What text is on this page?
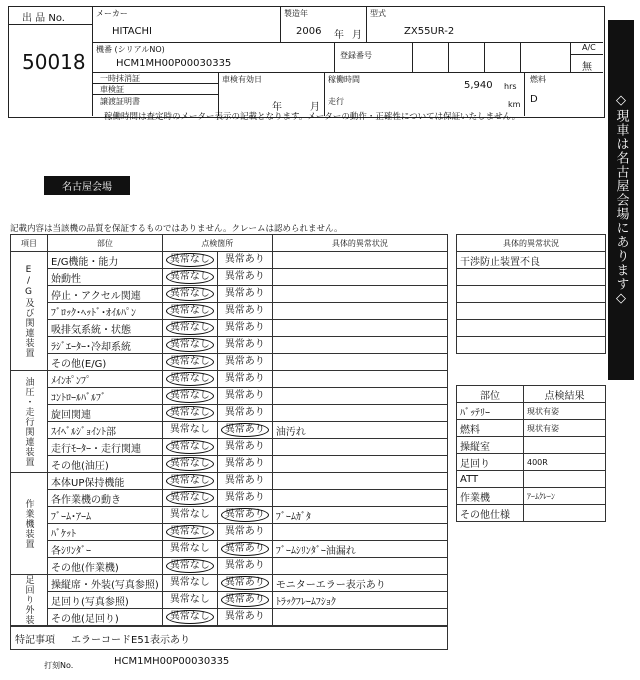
出 品 No.
50018
メーカー
HITACHI
製造年
2006 年 月
型式
ZX55UR-2
機番 (シリアルNO)
HCM1MH00P00030335
登録番号
A/C
無
一時抹消証
車検証
譲渡証明書
車検有効日
年	月
稼働時間
5,940 hrs
走行	km
燃料
D
稼働時間は査定時のメーター表示の記載となります。メーターの動作・正確性については保証いたしません。	◇現車は名古屋会場にあります◇
名古屋会場
記載内容は当該機の品質を保証するものではありません。クレームは認められません。
項目	部位	点検箇所		具体的異常状況

E/G及び関連装置	E/G機能・能力	異常なし	異常あり	
	始動性	異常なし	異常あり	
	停止・アクセル関連	異常なし	異常あり	
	ﾌﾞﾛｯｸ･ﾍｯﾄﾞ･ｵｲﾙﾊﾟﾝ	異常なし	異常あり	
	吸排気系統・状態	異常なし	異常あり	
	ﾗｼﾞｴｰﾀｰ･冷却系統	異常なし	異常あり	
	その他(E/G)	異常なし	異常あり	

油圧・走行関連装置	ﾒｲﾝﾎﾟﾝﾌﾟ	異常なし	異常あり	
	ｺﾝﾄﾛｰﾙﾊﾞﾙﾌﾞ	異常なし	異常あり	
	旋回関連	異常なし	異常あり	
	ｽｲﾍﾞﾙｼﾞｮｲﾝﾄ部	異常なし	異常あり	油汚れ
	走行ﾓｰﾀｰ・走行関連	異常なし	異常あり	
	その他(油圧)	異常なし	異常あり	

作業機装置	本体UP保持機能	異常なし	異常あり	
	各作業機の動き	異常なし	異常あり	
	ﾌﾞｰﾑ･ｱｰﾑ	異常なし	異常あり	ﾌﾞｰﾑｶﾞﾀ
	ﾊﾞｹｯﾄ	異常なし	異常あり	
	各ｼﾘﾝﾀﾞｰ	異常なし	異常あり	ﾌﾞｰﾑｼﾘﾝﾀﾞｰ油漏れ
	その他(作業機)	異常なし	異常あり	

足回り外装	操縦席・外装(写真参照)	異常なし	異常あり	モニターエラー表示あり
	足回り(写真参照)	異常なし	異常あり	ﾄﾗｯｸﾌﾚｰﾑﾌｼｮｸ
	その他(足回り)	異常なし	異常あり	
具体的異常状況
干渉防止装置不良

部位	点検結果
ﾊﾞｯﾃﾘｰ	現状有姿
燃料	現状有姿
操縦室	
足回り	400R
ATT	
作業機	ｱｰﾑｸﾚｰﾝ
その他仕様	
特記事項 エラーコードE51表示あり
打刻No.	HCM1MH00P00030335
